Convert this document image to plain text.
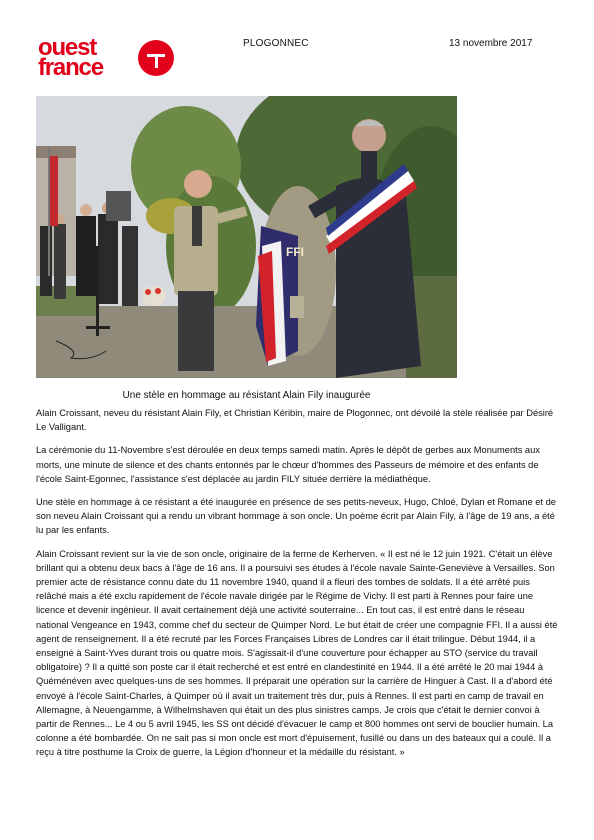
ouest
france
PLOGONNEC	13 novembre 2017
FFI
Une stèle en hommage au résistant Alain Fily inaugurée

Alain Croissant, neveu du résistant Alain Fily, et Christian Kéribin, maire de Plogonnec, ont dévoilé la stèle réalisée par Désiré Le Valligant.

La cérémonie du 11-Novembre s'est déroulée en deux temps samedi matin. Après le dépôt de gerbes aux Monuments aux morts, une minute de silence et des chants entonnés par le chœur d'hommes des Passeurs de mémoire et des enfants de l'école Saint-Egonnec, l'assistance s'est déplacée au jardin FILY située derrière la médiathèque.

Une stèle en hommage à ce résistant a été inaugurée en présence de ses petits-neveux, Hugo, Chloé, Dylan et Romane et de son neveu Alain Croissant qui a rendu un vibrant hommage à son oncle. Un poème écrit par Alain Fily, à l'âge de 19 ans, a été lu par les enfants.

Alain Croissant revient sur la vie de son oncle, originaire de la ferme de Kerherven. « Il est né le 12 juin 1921. C'était un élève brillant qui a obtenu deux bacs à l'âge de 16 ans. Il a poursuivi ses études à l'école navale Sainte-Geneviève à Versailles. Son premier acte de résistance connu date du 11 novembre 1940, quand il a fleuri des tombes de soldats. Il a été arrêté puis relâché mais a été exclu rapidement de l'école navale dirigée par le Régime de Vichy. Il est parti à Rennes pour faire une licence et devenir ingénieur. Il avait certainement déjà une activité souterraine... En tout cas, il est entré dans le réseau national Vengeance en 1943, comme chef du secteur de Quimper Nord. Le but était de créer une compagnie FFI. Il a aussi été agent de renseignement. Il a été recruté par les Forces Françaises Libres de Londres car il était trilingue. Début 1944, il a enseigné à Saint-Yves durant trois ou quatre mois. S'agissait-il d'une couverture pour échapper au STO (service du travail obligatoire) ? Il a quitté son poste car il était recherché et est entré en clandestinité en 1944. Il a été arrêté le 20 mai 1944 à Quéménéven avec quelques-uns de ses hommes. Il préparait une opération sur la carrière de Hinguer à Cast. Il a d'abord été envoyé à l'école Saint-Charles, à Quimper où il avait un traitement très dur, puis à Rennes. Il est parti en camp de travail en Allemagne, à Neuengamme, à Wilhelmshaven qui était un des plus sinistres camps. Je crois que c'était le dernier convoi à partir de Rennes... Le 4 ou 5 avril 1945, les SS ont décidé d'évacuer le camp et 800 hommes ont servi de bouclier humain. La colonne a été bombardée. On ne sait pas si mon oncle est mort d'épuisement, fusillé ou dans un des bateaux qui a coulé. Il a reçu à titre posthume la Croix de guerre, la Légion d'honneur et la médaille du résistant. »
